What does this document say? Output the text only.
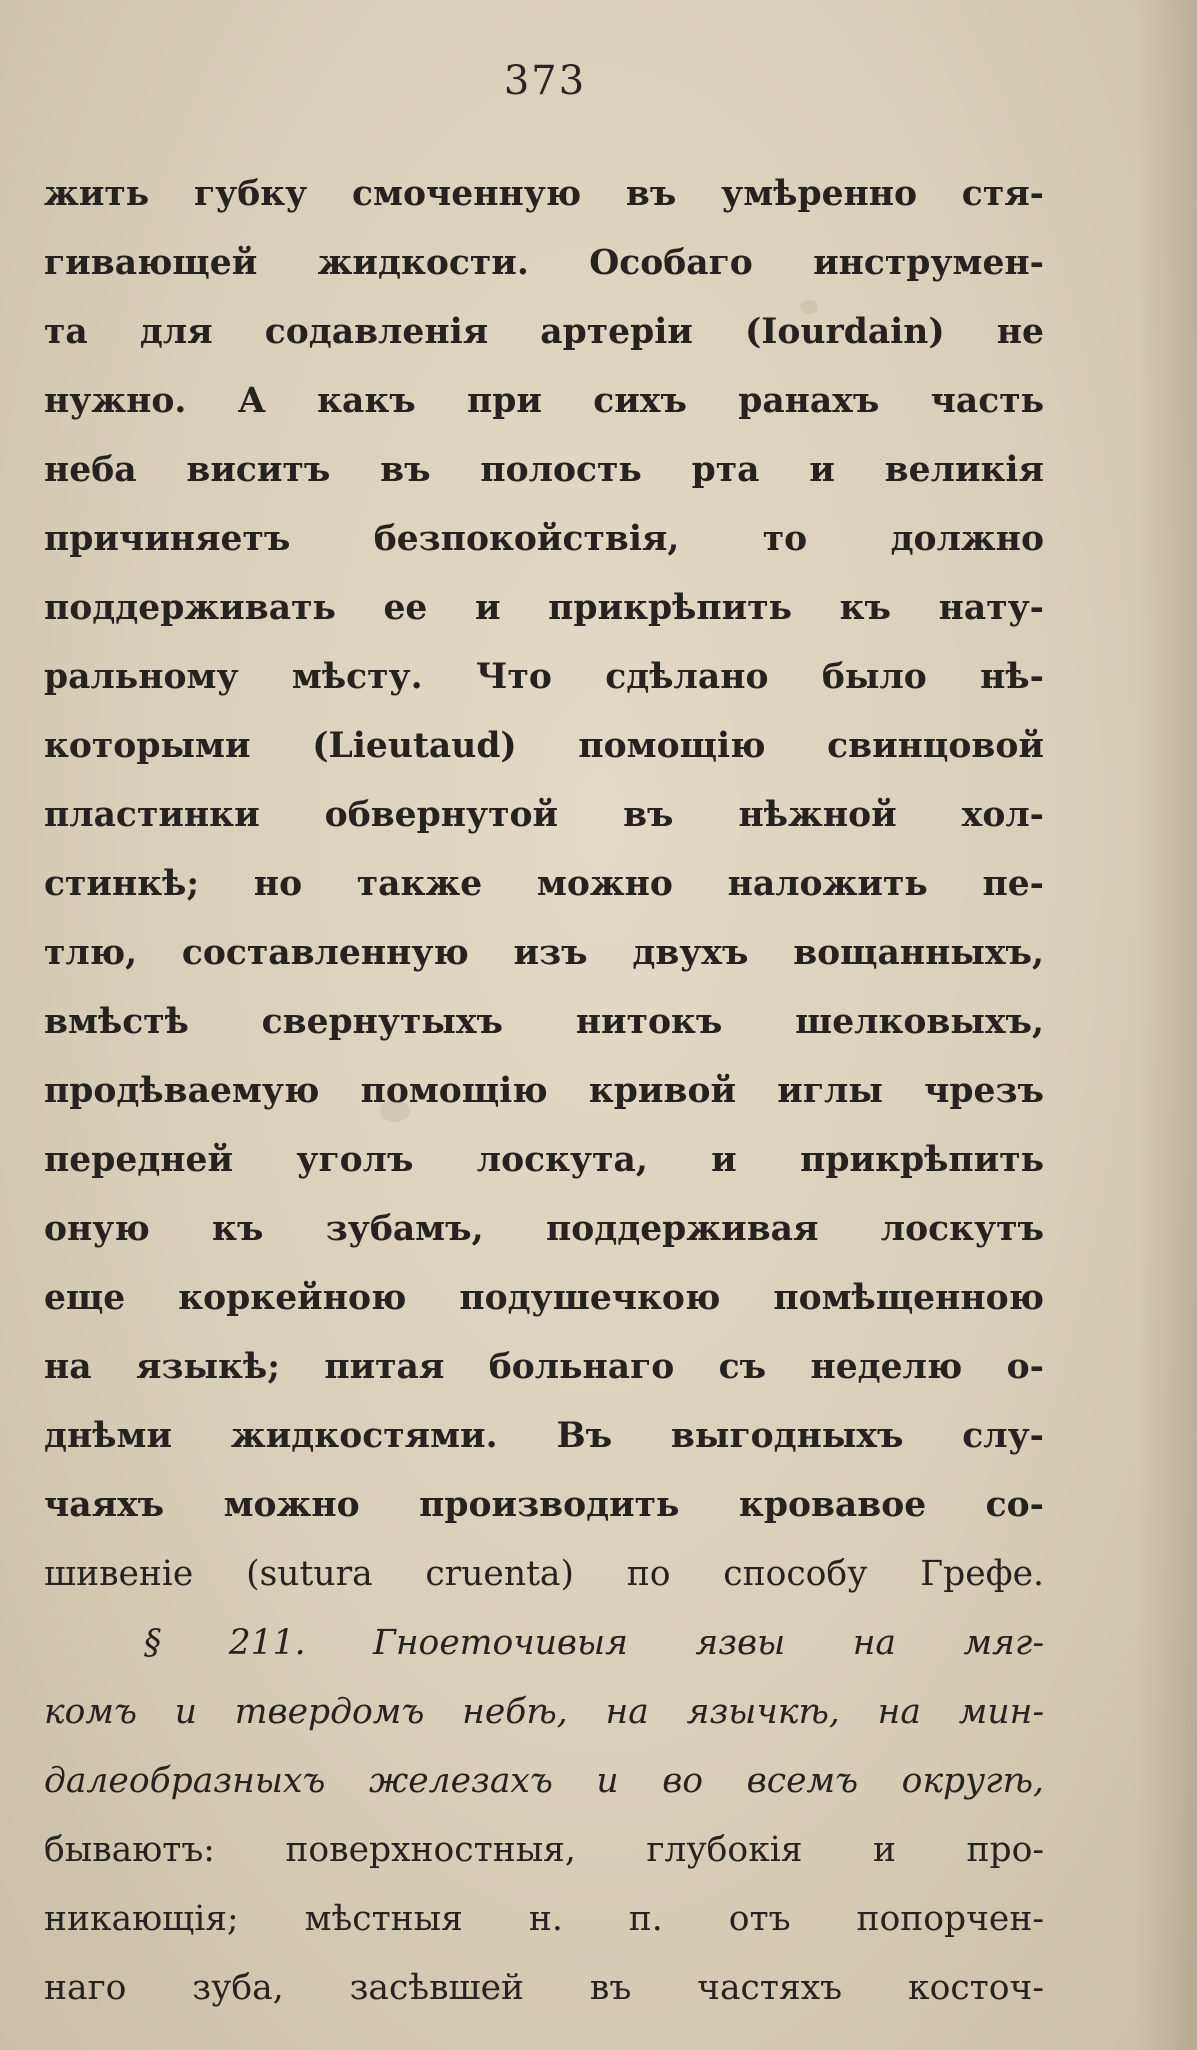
373
жить губку смоченную въ умѣренно стя-
гивающей жидкости. Особаго инструмен-
та для содавленія артеріи (Iourdain) не
нужно. А какъ при сихъ ранахъ часть
неба виситъ въ полость рта и великія
причиняетъ безпокойствія, то должно
поддерживать ее и прикрѣпить къ нату-
ральному мѣсту. Что сдѣлано было нѣ-
которыми (Lieutaud) помощію свинцовой
пластинки обвернутой въ нѣжной хол-
стинкѣ; но также можно наложить пе-
тлю, составленную изъ двухъ вощанныхъ,
вмѣстѣ свернутыхъ нитокъ шелковыхъ,
продѣваемую помощію кривой иглы чрезъ
передней уголъ лоскута, и прикрѣпить
оную къ зубамъ, поддерживая лоскутъ
еще коркейною подушечкою помѣщенною
на языкѣ; питая больнаго съ неделю о-
днѣми жидкостями. Въ выгодныхъ слу-
чаяхъ можно производить кровавое со-
шивеніе (sutura cruenta) по способу Грефе.
§ 211. Гноеточивыя язвы на мяг-
комъ и твердомъ небѣ, на язычкѣ, на мин-
далеобразныхъ железахъ и во всемъ округѣ,
бываютъ: поверхностныя, глубокія и про-
никающія; мѣстныя н. п. отъ попорчен-
наго зуба, засѣвшей въ частяхъ косточ-
